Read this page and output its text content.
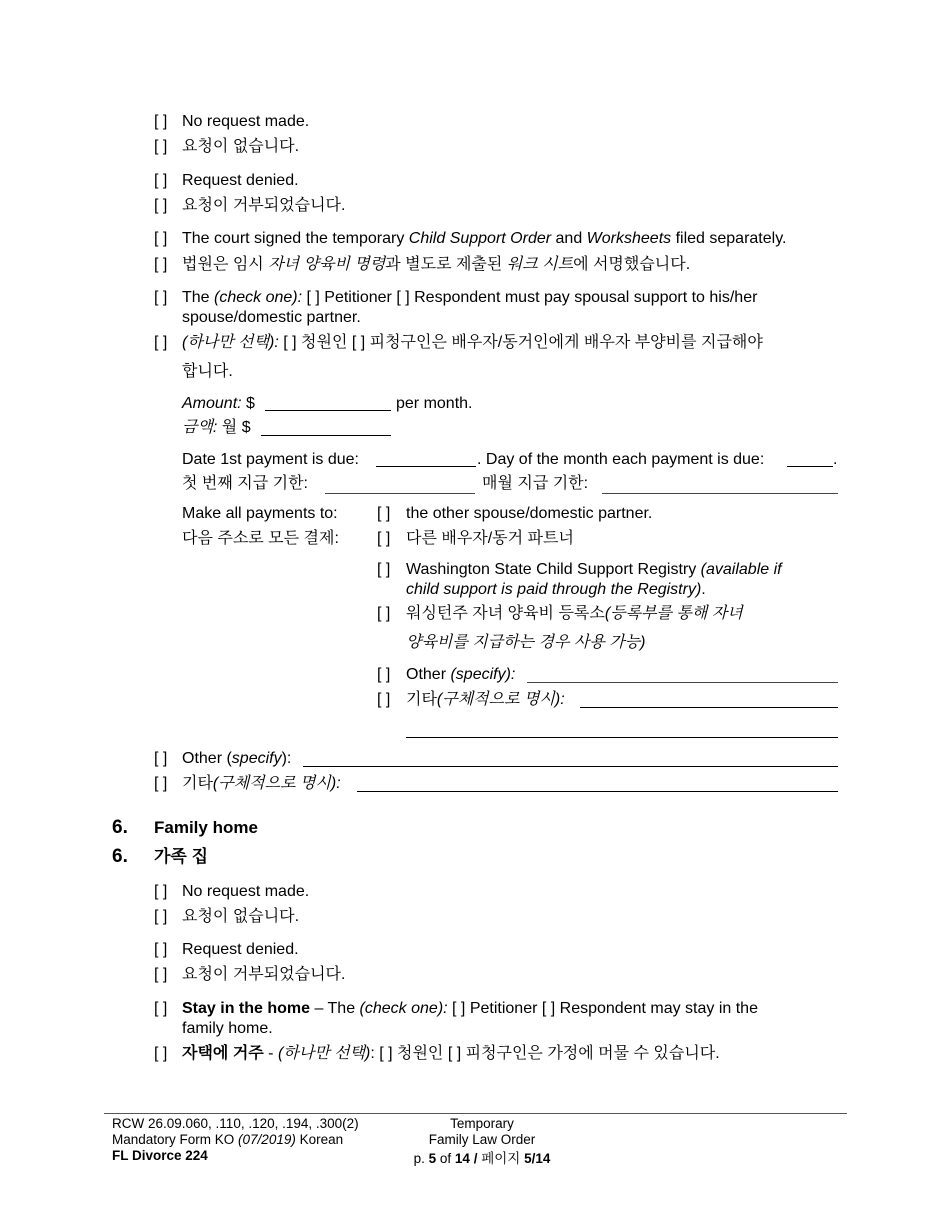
[ ] No request made.
[ ] 요청이 없습니다.
[ ] Request denied.
[ ] 요청이 거부되었습니다.
[ ] The court signed the temporary Child Support Order and Worksheets filed separately.
[ ] 법원은 임시 자녀 양육비 명령과 별도로 제출된 워크 시트에 서명했습니다.
[ ] The (check one): [ ] Petitioner [ ] Respondent must pay spousal support to his/her
spouse/domestic partner.
[ ] (하나만 선택): [ ] 청원인 [ ] 피청구인은 배우자/동거인에게 배우자 부양비를 지급해야
합니다.
Amount: $	per month.
금액: 월 $
Date 1st payment is due:	. Day of the month each payment is due:	.
첫 번째 지급 기한:	매월 지급 기한:
Make all payments to:
다음 주소로 모든 결제:
[ ] the other spouse/domestic partner.
[ ] 다른 배우자/동거 파트너
[ ] Washington State Child Support Registry (available if
child support is paid through the Registry).
[ ] 워싱턴주 자녀 양육비 등록소(등록부를 통해 자녀
양육비를 지급하는 경우 사용 가능)
[ ] Other (specify):
[ ] 기타(구체적으로 명시):
[ ] Other (specify):
[ ] 기타(구체적으로 명시):
6. Family home
6. 가족 집
[ ] No request made.
[ ] 요청이 없습니다.
[ ] Request denied.
[ ] 요청이 거부되었습니다.
[ ] Stay in the home – The (check one): [ ] Petitioner [ ] Respondent may stay in the
family home.
[ ] 자택에 거주 - (하나만 선택): [ ] 청원인 [ ] 피청구인은 가정에 머물 수 있습니다.
RCW 26.09.060, .110, .120, .194, .300(2)
Mandatory Form KO (07/2019) Korean
FL Divorce 224
Temporary
Family Law Order
p. 5 of 14 / 페이지 5/14
